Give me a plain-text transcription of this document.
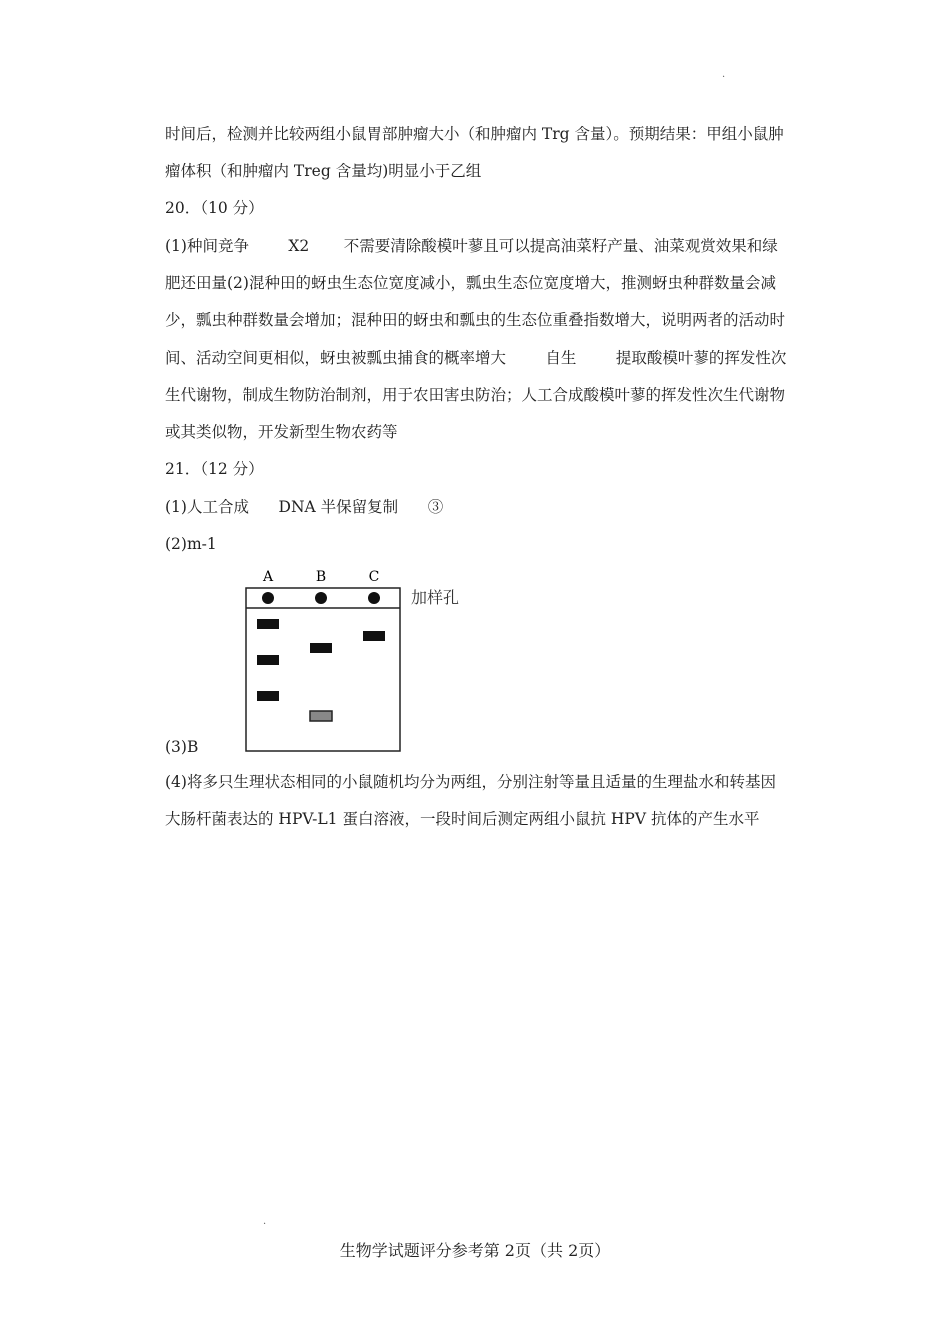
·
时间后，检测并比较两组小鼠胃部肿瘤大小（和肿瘤内 Trg 含量）。预期结果：甲组小鼠肿
瘤体积（和肿瘤内 Treg 含量均)明显小于乙组
20．（10 分）
(1)种间竞争        X2       不需要清除酸模叶蓼且可以提高油菜籽产量、油菜观赏效果和绿
肥还田量(2)混种田的蚜虫生态位宽度减小，瓢虫生态位宽度增大，推测蚜虫种群数量会减
少，瓢虫种群数量会增加；混种田的蚜虫和瓢虫的生态位重叠指数增大，说明两者的活动时
间、活动空间更相似，蚜虫被瓢虫捕食的概率增大        自生        提取酸模叶蓼的挥发性次
生代谢物，制成生物防治制剂，用于农田害虫防治；人工合成酸模叶蓼的挥发性次生代谢物
或其类似物，开发新型生物农药等
21．（12 分）
(1)人工合成      DNA 半保留复制      ③
(2)m-1
A	B	C
加样孔
(3)B
(4)将多只生理状态相同的小鼠随机均分为两组，分别注射等量且适量的生理盐水和转基因
大肠杆菌表达的 HPV-L1 蛋白溶液，一段时间后测定两组小鼠抗 HPV 抗体的产生水平
·
生物学试题评分参考第 2页（共 2页）
